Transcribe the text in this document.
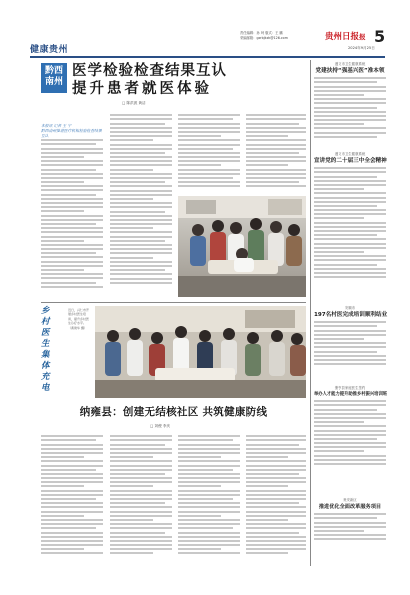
责任编辑：孙 珂 版式：王 鹏
采编邮箱：gzrbjkzk@126.com	贵州日报报 5
2024年9月25日
健康贵州
黔西南州
医学检验检查结果互认
提升患者就医体验
□ 陈洪波 黄洁
本报讯 记者 王 宁
黔西南州推进医疗机构检验检查结果互认
乡村医生集体充电
近日，兴仁市开展乡村医生培训，提升乡村医生诊疗水平。（黄建华 摄）
纳雍县：创建无结核社区 共筑健康防线
□ 刘俊 李庆
遵义市卫生健康系统
党建扶持“强基兴医”准本领
遵义市卫生健康系统
宣讲党的二十届三中全会精神
安顺市
197名村医完成培训顺利结业
册亨县家庭医生签约
举办人才能力提升助推乡村振兴培训班
贵安新区
推进优化全面改革服务项目
